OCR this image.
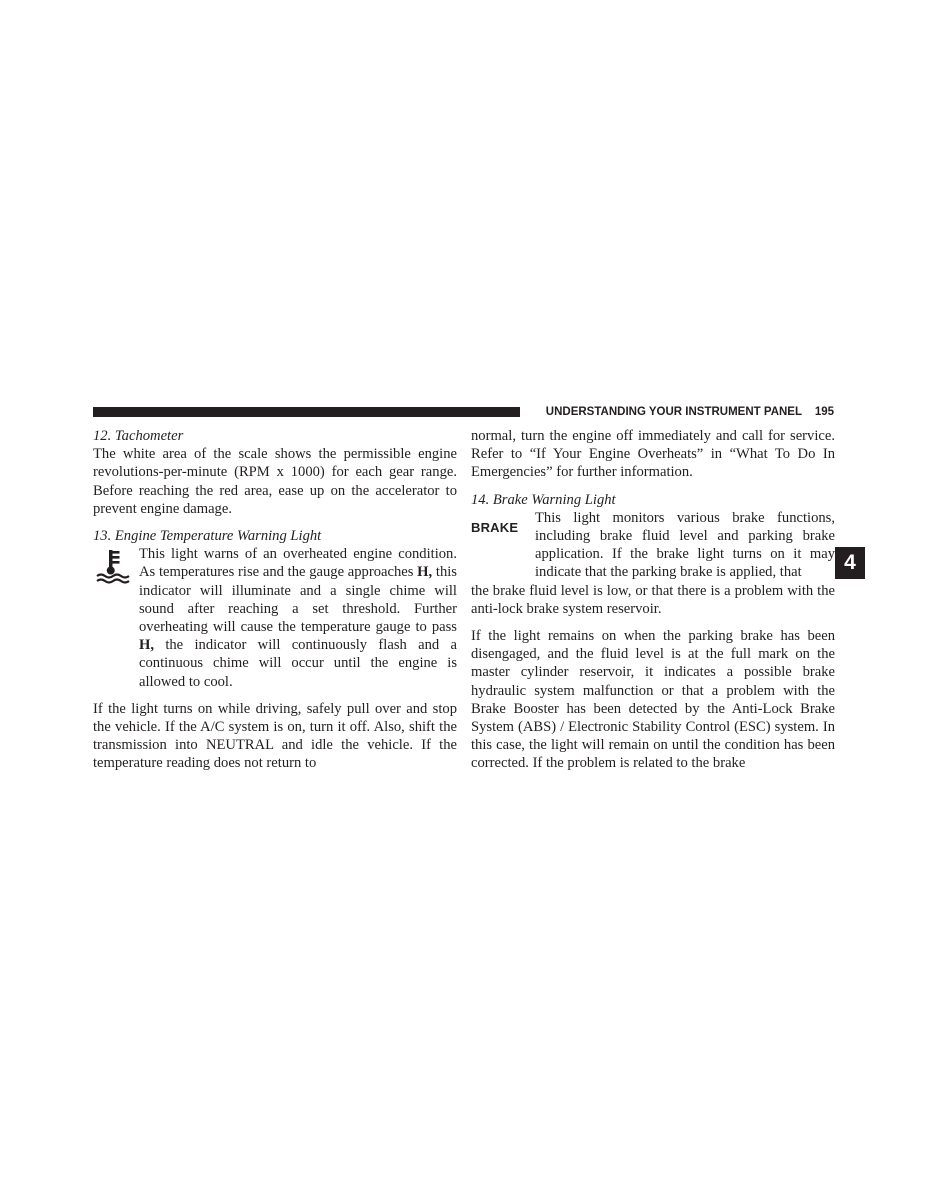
UNDERSTANDING YOUR INSTRUMENT PANEL 195
4
12. Tachometer

The white area of the scale shows the permissible engine revolutions-per-minute (RPM x 1000) for each gear range. Before reaching the red area, ease up on the accelerator to prevent engine damage.

13. Engine Temperature Warning Light

This light warns of an overheated engine condition. As temperatures rise and the gauge approaches H, this indicator will illuminate and a single chime will sound after reaching a set threshold. Further overheating will cause the temperature gauge to pass H, the indicator will continuously flash and a continuous chime will occur until the engine is allowed to cool.

If the light turns on while driving, safely pull over and stop the vehicle. If the A/C system is on, turn it off. Also, shift the transmission into NEUTRAL and idle the vehicle. If the temperature reading does not return to

normal, turn the engine off immediately and call for service. Refer to “If Your Engine Overheats” in “What To Do In Emergencies” for further information.

14. Brake Warning Light
BRAKE

This light monitors various brake functions, including brake fluid level and parking brake application. If the brake light turns on it may indicate that the parking brake is applied, that

the brake fluid level is low, or that there is a problem with the anti-lock brake system reservoir.

If the light remains on when the parking brake has been disengaged, and the fluid level is at the full mark on the master cylinder reservoir, it indicates a possible brake hydraulic system malfunction or that a problem with the Brake Booster has been detected by the Anti-Lock Brake System (ABS) / Electronic Stability Control (ESC) system. In this case, the light will remain on until the condition has been corrected. If the problem is related to the brake
